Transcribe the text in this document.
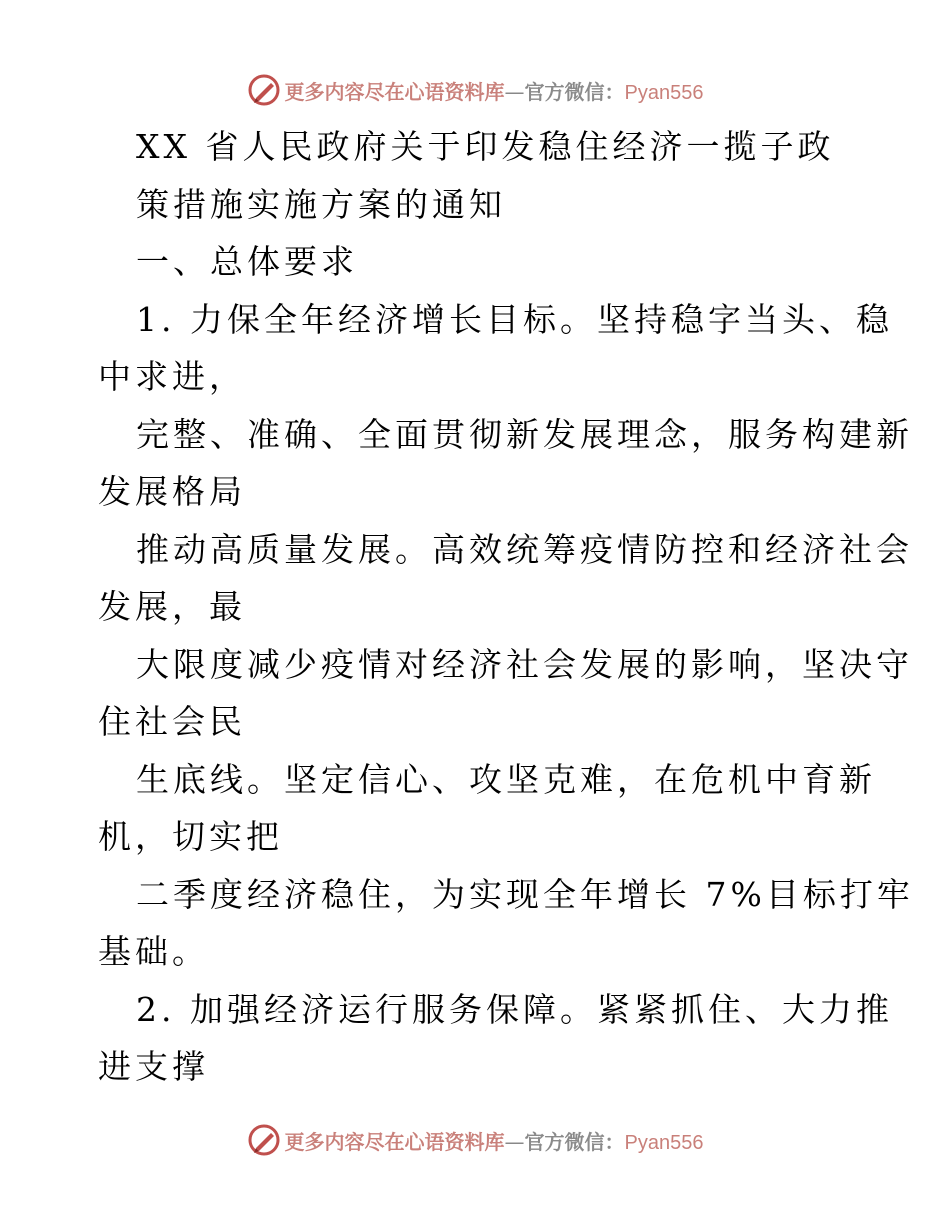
更多内容尽在心语资料库—官方微信：Pyan556
XX 省人民政府关于印发稳住经济一揽子政
策措施实施方案的通知
一、总体要求
1. 力保全年经济增长目标。坚持稳字当头、稳
中求进，
完整、准确、全面贯彻新发展理念，服务构建新
发展格局
推动高质量发展。高效统筹疫情防控和经济社会
发展，最
大限度减少疫情对经济社会发展的影响，坚决守
住社会民
生底线。坚定信心、攻坚克难，在危机中育新
机，切实把
二季度经济稳住，为实现全年增长 7%目标打牢
基础。
2. 加强经济运行服务保障。紧紧抓住、大力推
进支撑
更多内容尽在心语资料库—官方微信：Pyan556
